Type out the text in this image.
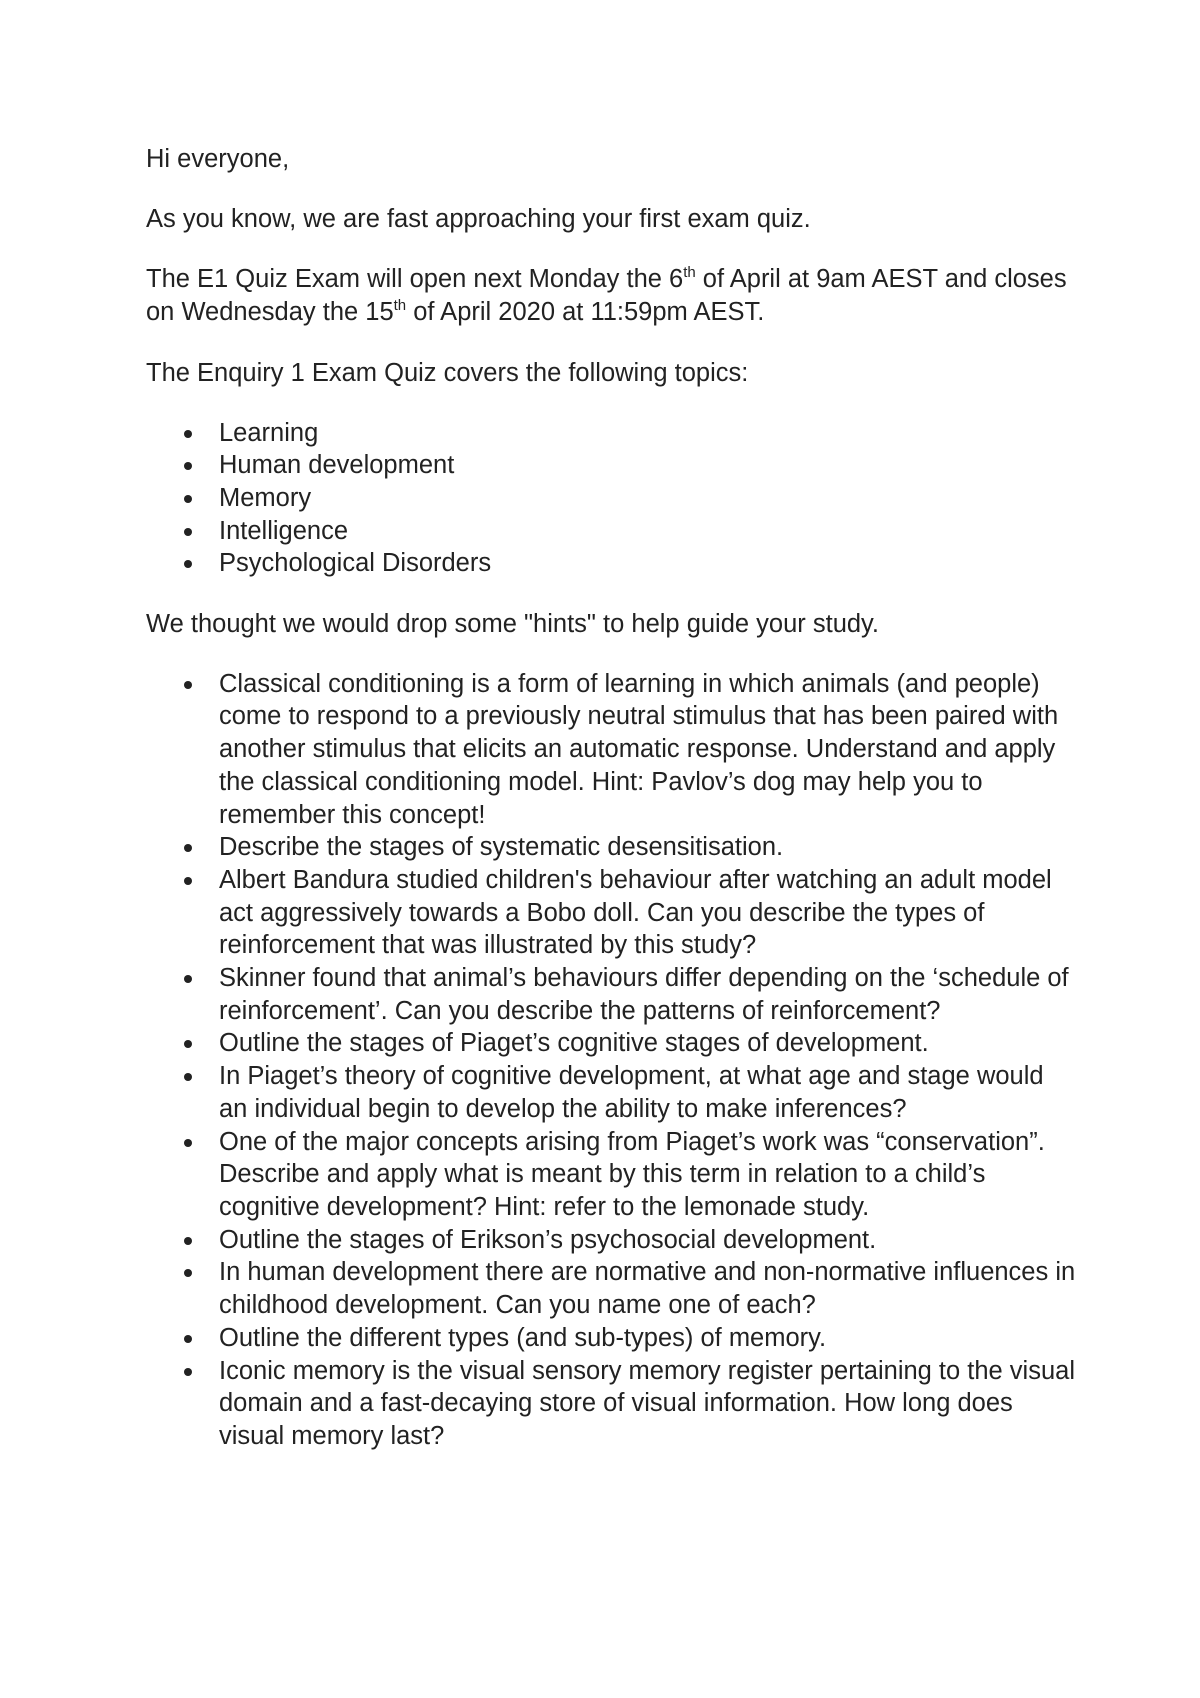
Hi everyone,

As you know, we are fast approaching your first exam quiz.

The E1 Quiz Exam will open next Monday the 6th of April at 9am AEST and closes on Wednesday the 15th of April 2020 at 11:59pm AEST.

The Enquiry 1 Exam Quiz covers the following topics:

Learning
Human development
Memory
Intelligence
Psychological Disorders

We thought we would drop some "hints" to help guide your study.

Classical conditioning is a form of learning in which animals (and people) come to respond to a previously neutral stimulus that has been paired with another stimulus that elicits an automatic response. Understand and apply the classical conditioning model. Hint: Pavlov’s dog may help you to remember this concept!
Describe the stages of systematic desensitisation.
Albert Bandura studied children's behaviour after watching an adult model act aggressively towards a Bobo doll. Can you describe the types of reinforcement that was illustrated by this study?
Skinner found that animal’s behaviours differ depending on the ‘schedule of reinforcement’. Can you describe the patterns of reinforcement?
Outline the stages of Piaget’s cognitive stages of development.
In Piaget’s theory of cognitive development, at what age and stage would an individual begin to develop the ability to make inferences?
One of the major concepts arising from Piaget’s work was “conservation”. Describe and apply what is meant by this term in relation to a child’s cognitive development? Hint: refer to the lemonade study.
Outline the stages of Erikson’s psychosocial development.
In human development there are normative and non-normative influences in childhood development. Can you name one of each?
Outline the different types (and sub-types) of memory.
Iconic memory is the visual sensory memory register pertaining to the visual domain and a fast-decaying store of visual information. How long does visual memory last?
